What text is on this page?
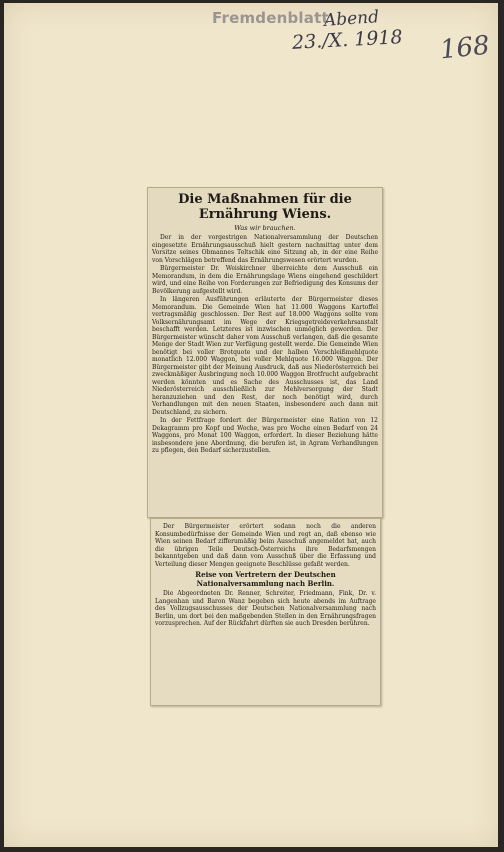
Fremdenblatt
Abend
23./X. 1918 168
Die Maßnahmen für die Ernährung Wiens.
Was wir brauchen.

Der in der vorgestrigen Nationalversammlung der Deutschen eingesetzte Ernährungsausschuß hielt gestern nachmittag unter dem Vorsitze seines Obmannes Teltschik eine Sitzung ab, in der eine Reihe von Vorschlägen betreffend das Ernährungswesen erörtert wurden.

Bürgermeister Dr. Weiskirchner überreichte dem Ausschuß ein Memorandum, in dem die Ernährungslage Wiens eingehend geschildert wird, und eine Reihe von Forderungen zur Befriedigung des Konsums der Bevölkerung aufgestellt wird.

In längeren Ausführungen erläuterte der Bürgermeister dieses Memorandum. Die Gemeinde Wien hat 11.000 Waggons Kartoffel vertragsmäßig geschlossen. Der Rest auf 18.000 Waggons sollte vom Volksernährungsamt im Wege der Kriegsgetreideverkehrsanstalt beschafft werden. Letzteres ist inzwischen unmöglich geworden. Der Bürgermeister wünscht daher vom Ausschuß verlangen, daß die gesamte Menge der Stadt Wien zur Verfügung gestellt werde. Die Gemeinde Wien benötigt bei voller Brotquote und der halben Verschleißmehlquote monatlich 12.000 Waggon, bei voller Mehlquote 16.000 Waggon. Der Bürgermeister gibt der Meinung Ausdruck, daß aus Niederösterreich bei zweckmäßiger Ausbringung noch 10.000 Waggon Brotfrucht aufgebracht werden könnten und es Sache des Ausschusses ist, das Land Niederösterreich ausschließlich zur Mehlversorgung der Stadt heranzuziehen und den Rest, der noch benötigt wird, durch Verhandlungen mit den neuen Staaten, insbesondere auch dann mit Deutschland, zu sichern.

In der Fettfrage fordert der Bürgermeister eine Ration von 12 Dekagramm pro Kopf und Woche, was pro Woche einen Bedarf von 24 Waggons, pro Monat 100 Waggon, erfordert. In dieser Beziehung hätte insbesondere jene Abordnung, die berufen ist, in Agram Verhandlungen zu pflegen, den Bedarf sicherzustellen.

Der Bürgermeister erörtert sodann noch die anderen Konsumbedürfnisse der Gemeinde Wien und regt an, daß ebenso wie Wien seinen Bedarf zifferumäßig beim Ausschuß angemeldet hat, auch die übrigen Teile Deutsch-Österreichs ihre Bedarfsmengen bekanntgeben und daß dann vom Ausschuß über die Erfassung und Verteilung dieser Mengen geeignete Beschlüsse gefaßt werden.

Reise von Vertretern der Deutschen Nationalversammlung nach Berlin.

Die Abgeordneten Dr. Renner, Schreiter, Friedmann, Fink, Dr. v. Langenhan und Baron Wanz begeben sich heute abends im Auftrage des Vollzugsausschusses der Deutschen Nationalversammlung nach Berlin, um dort bei den maßgebenden Stellen in den Ernährungsfragen vorzusprechen. Auf der Rückfahrt dürften sie auch Dresden berühren.
